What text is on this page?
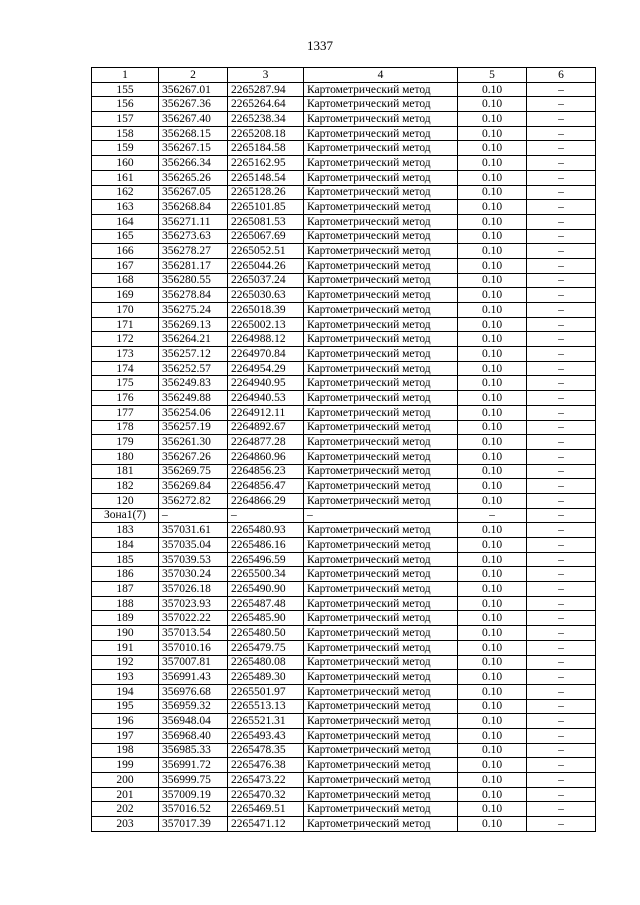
1337
1	2	3	4	5	6
155	356267.01	2265287.94	Картометрический метод	0.10	–
156	356267.36	2265264.64	Картометрический метод	0.10	–
157	356267.40	2265238.34	Картометрический метод	0.10	–
158	356268.15	2265208.18	Картометрический метод	0.10	–
159	356267.15	2265184.58	Картометрический метод	0.10	–
160	356266.34	2265162.95	Картометрический метод	0.10	–
161	356265.26	2265148.54	Картометрический метод	0.10	–
162	356267.05	2265128.26	Картометрический метод	0.10	–
163	356268.84	2265101.85	Картометрический метод	0.10	–
164	356271.11	2265081.53	Картометрический метод	0.10	–
165	356273.63	2265067.69	Картометрический метод	0.10	–
166	356278.27	2265052.51	Картометрический метод	0.10	–
167	356281.17	2265044.26	Картометрический метод	0.10	–
168	356280.55	2265037.24	Картометрический метод	0.10	–
169	356278.84	2265030.63	Картометрический метод	0.10	–
170	356275.24	2265018.39	Картометрический метод	0.10	–
171	356269.13	2265002.13	Картометрический метод	0.10	–
172	356264.21	2264988.12	Картометрический метод	0.10	–
173	356257.12	2264970.84	Картометрический метод	0.10	–
174	356252.57	2264954.29	Картометрический метод	0.10	–
175	356249.83	2264940.95	Картометрический метод	0.10	–
176	356249.88	2264940.53	Картометрический метод	0.10	–
177	356254.06	2264912.11	Картометрический метод	0.10	–
178	356257.19	2264892.67	Картометрический метод	0.10	–
179	356261.30	2264877.28	Картометрический метод	0.10	–
180	356267.26	2264860.96	Картометрический метод	0.10	–
181	356269.75	2264856.23	Картометрический метод	0.10	–
182	356269.84	2264856.47	Картометрический метод	0.10	–
120	356272.82	2264866.29	Картометрический метод	0.10	–
Зона1(7)	–	–	–	–	–
183	357031.61	2265480.93	Картометрический метод	0.10	–
184	357035.04	2265486.16	Картометрический метод	0.10	–
185	357039.53	2265496.59	Картометрический метод	0.10	–
186	357030.24	2265500.34	Картометрический метод	0.10	–
187	357026.18	2265490.90	Картометрический метод	0.10	–
188	357023.93	2265487.48	Картометрический метод	0.10	–
189	357022.22	2265485.90	Картометрический метод	0.10	–
190	357013.54	2265480.50	Картометрический метод	0.10	–
191	357010.16	2265479.75	Картометрический метод	0.10	–
192	357007.81	2265480.08	Картометрический метод	0.10	–
193	356991.43	2265489.30	Картометрический метод	0.10	–
194	356976.68	2265501.97	Картометрический метод	0.10	–
195	356959.32	2265513.13	Картометрический метод	0.10	–
196	356948.04	2265521.31	Картометрический метод	0.10	–
197	356968.40	2265493.43	Картометрический метод	0.10	–
198	356985.33	2265478.35	Картометрический метод	0.10	–
199	356991.72	2265476.38	Картометрический метод	0.10	–
200	356999.75	2265473.22	Картометрический метод	0.10	–
201	357009.19	2265470.32	Картометрический метод	0.10	–
202	357016.52	2265469.51	Картометрический метод	0.10	–
203	357017.39	2265471.12	Картометрический метод	0.10	–
